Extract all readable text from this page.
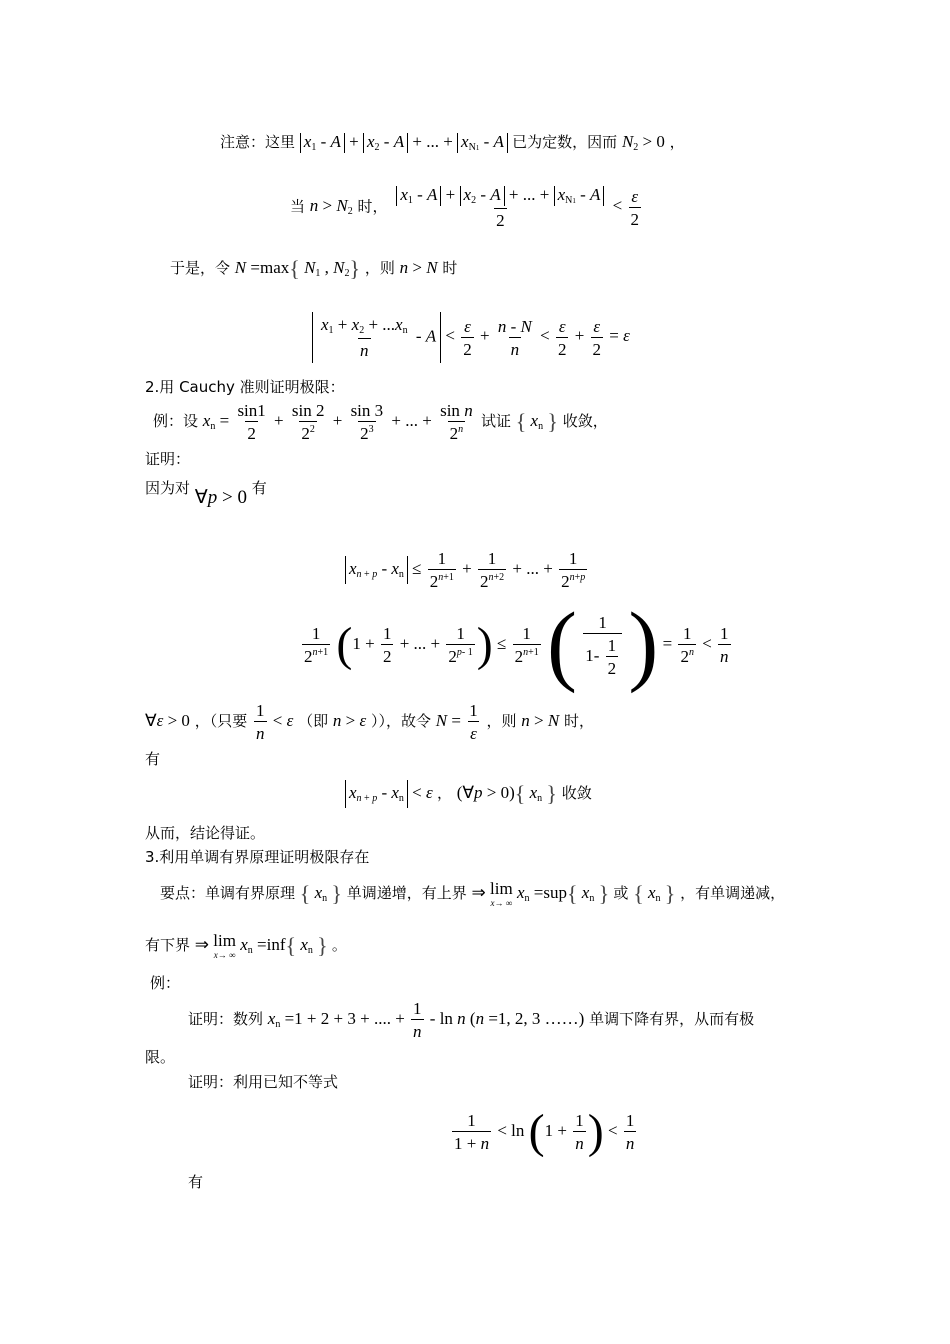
注意：这里 $x_1 - A + x_2 - A$ + ... + $x_{N1}$ - A 已为定数，因而 $N_2 > 0$ ，
当 $n > N_2$ 时， $\frac{x_1 - A + x_2 - A + ... + x_{N1} - A}{2} < \frac{\varepsilon}{2}$
于是，令 N =max{ $N_1$ , $N_2$} ，则 n > N 时
$\frac{x_1 + x_2 + ...x_n}{n} - A < \frac{\varepsilon}{2} + \frac{n - N}{n} < \frac{\varepsilon}{2} + \frac{\varepsilon}{2} = \varepsilon$
2.用 Cauchy 准则证明极限：
例：设 $x_n = \frac{\sin 1}{2} + \frac{\sin 2}{2^2} + \frac{\sin 3}{2^3}$ + ... + $\frac{\text{sin n}}{2^n}$ 试证 { $x_n$ } 收敛，
证明：
因为对 ∀p > 0 有
$x_{n + p} - x_n \le \frac{1}{2^{n+1}} + \frac{1}{2^{n+2}}$ + ... + $\frac{1}{2^{n+p}}$
$\frac{1}{2^{n+1}} (1 + \frac{1}{2}$ + ... + $\frac{1}{2^{p- 1}}$ ) ≤ $\frac{1}{2^{n+1}}$ ( $\frac{1}{1- \frac{1}{2}}$ ) = $\frac{1}{2^n} < \frac{1}{n}$
∀ε > 0 ，（只要 $\frac{1}{n} < \varepsilon$ （即 n > ε ）），故令 $N = \frac{1}{\varepsilon}$ ，则 n > N 时，
有
$x_{n + p} - x_n < \varepsilon$ ， (∀p > 0){ $x_n$ } 收敛
从而，结论得证。
3.利用单调有界原理证明极限存在
要点：单调有界原理 { $x_n$ } 单调递增，有上界 ⇒ lim
x→ ∞
$x_n =sup${ $x_n$ } 或 { $x_n$ } ，有单调递减，
有下界 ⇒ lim
x→ ∞
$x_n =inf${ $x_n$ } 。
例：
证明：数列 $x_n =1 + 2 + 3$ + .... + $\frac{1}{n}$ - ln n (n =1, 2, 3 ……) 单调下降有界，从而有极
限。
证明：利用已知不等式
$\frac{1}{1 + n} < \ln (1 + \frac{1}{n}$ ) < $\frac{1}{n}$
有
